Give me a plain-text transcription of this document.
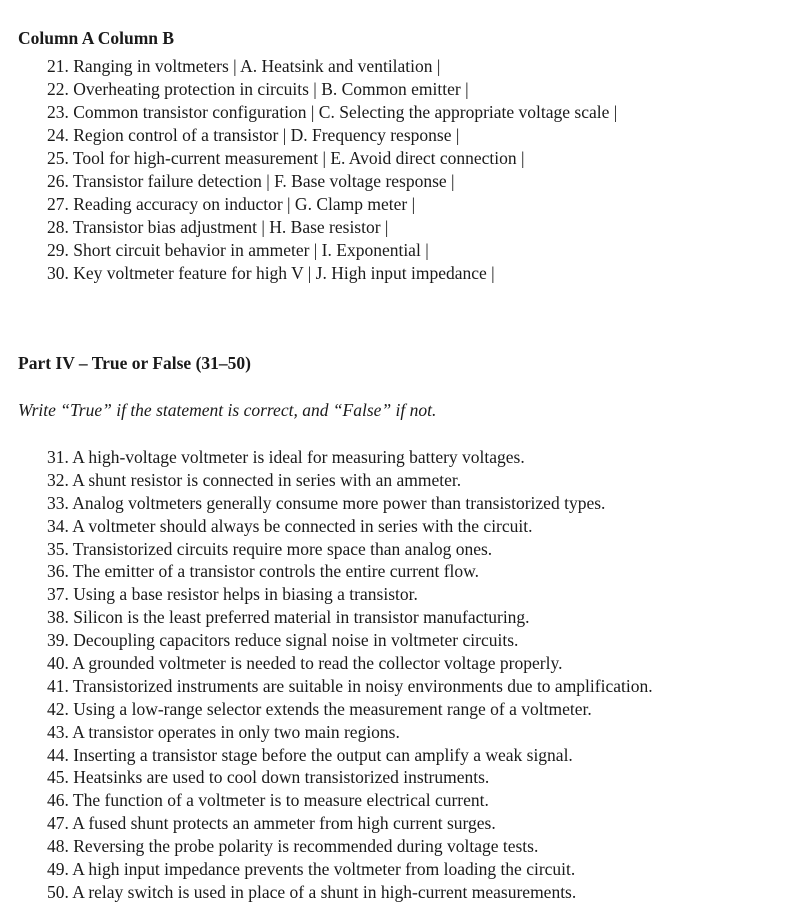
Column A Column B
21. Ranging in voltmeters | A. Heatsink and ventilation |
22. Overheating protection in circuits | B. Common emitter |
23. Common transistor configuration | C. Selecting the appropriate voltage scale |
24. Region control of a transistor | D. Frequency response |
25. Tool for high-current measurement | E. Avoid direct connection |
26. Transistor failure detection | F. Base voltage response |
27. Reading accuracy on inductor | G. Clamp meter |
28. Transistor bias adjustment | H. Base resistor |
29. Short circuit behavior in ammeter | I. Exponential |
30. Key voltmeter feature for high V | J. High input impedance |
Part IV – True or False (31–50)
Write “True” if the statement is correct, and “False” if not.
31. A high-voltage voltmeter is ideal for measuring battery voltages.
32. A shunt resistor is connected in series with an ammeter.
33. Analog voltmeters generally consume more power than transistorized types.
34. A voltmeter should always be connected in series with the circuit.
35. Transistorized circuits require more space than analog ones.
36. The emitter of a transistor controls the entire current flow.
37. Using a base resistor helps in biasing a transistor.
38. Silicon is the least preferred material in transistor manufacturing.
39. Decoupling capacitors reduce signal noise in voltmeter circuits.
40. A grounded voltmeter is needed to read the collector voltage properly.
41. Transistorized instruments are suitable in noisy environments due to amplification.
42. Using a low-range selector extends the measurement range of a voltmeter.
43. A transistor operates in only two main regions.
44. Inserting a transistor stage before the output can amplify a weak signal.
45. Heatsinks are used to cool down transistorized instruments.
46. The function of a voltmeter is to measure electrical current.
47. A fused shunt protects an ammeter from high current surges.
48. Reversing the probe polarity is recommended during voltage tests.
49. A high input impedance prevents the voltmeter from loading the circuit.
50. A relay switch is used in place of a shunt in high-current measurements.
